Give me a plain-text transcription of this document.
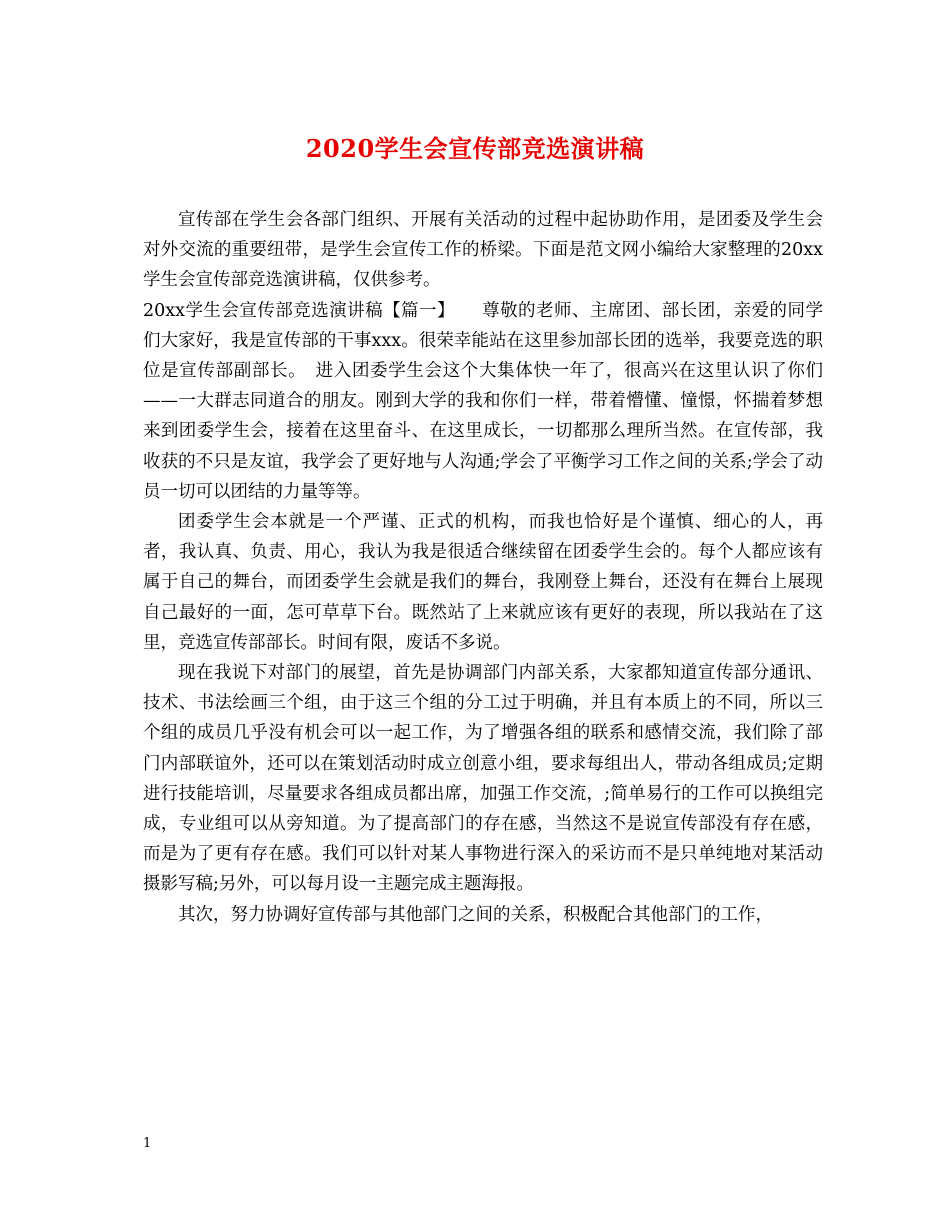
2020学生会宣传部竞选演讲稿

宣传部在学生会各部门组织、开展有关活动的过程中起协助作用，是团委及学生会对外交流的重要纽带，是学生会宣传工作的桥梁。下面是范文网小编给大家整理的20xx学生会宣传部竞选演讲稿，仅供参考。

20xx学生会宣传部竞选演讲稿【篇一】　　尊敬的老师、主席团、部长团，亲爱的同学们大家好，我是宣传部的干事xxx。很荣幸能站在这里参加部长团的选举，我要竞选的职位是宣传部副部长。　进入团委学生会这个大集体快一年了，很高兴在这里认识了你们——一大群志同道合的朋友。刚到大学的我和你们一样，带着懵懂、憧憬，怀揣着梦想来到团委学生会，接着在这里奋斗、在这里成长，一切都那么理所当然。在宣传部，我收获的不只是友谊，我学会了更好地与人沟通;学会了平衡学习工作之间的关系;学会了动员一切可以团结的力量等等。

团委学生会本就是一个严谨、正式的机构，而我也恰好是个谨慎、细心的人，再者，我认真、负责、用心，我认为我是很适合继续留在团委学生会的。每个人都应该有属于自己的舞台，而团委学生会就是我们的舞台，我刚登上舞台，还没有在舞台上展现自己最好的一面，怎可草草下台。既然站了上来就应该有更好的表现，所以我站在了这里，竞选宣传部部长。时间有限，废话不多说。

现在我说下对部门的展望，首先是协调部门内部关系，大家都知道宣传部分通讯、技术、书法绘画三个组，由于这三个组的分工过于明确，并且有本质上的不同，所以三个组的成员几乎没有机会可以一起工作，为了增强各组的联系和感情交流，我们除了部门内部联谊外，还可以在策划活动时成立创意小组，要求每组出人，带动各组成员;定期进行技能培训，尽量要求各组成员都出席，加强工作交流，;简单易行的工作可以换组完成，专业组可以从旁知道。为了提高部门的存在感，当然这不是说宣传部没有存在感，而是为了更有存在感。我们可以针对某人事物进行深入的采访而不是只单纯地对某活动摄影写稿;另外，可以每月设一主题完成主题海报。

其次，努力协调好宣传部与其他部门之间的关系，积极配合其他部门的工作，

1
